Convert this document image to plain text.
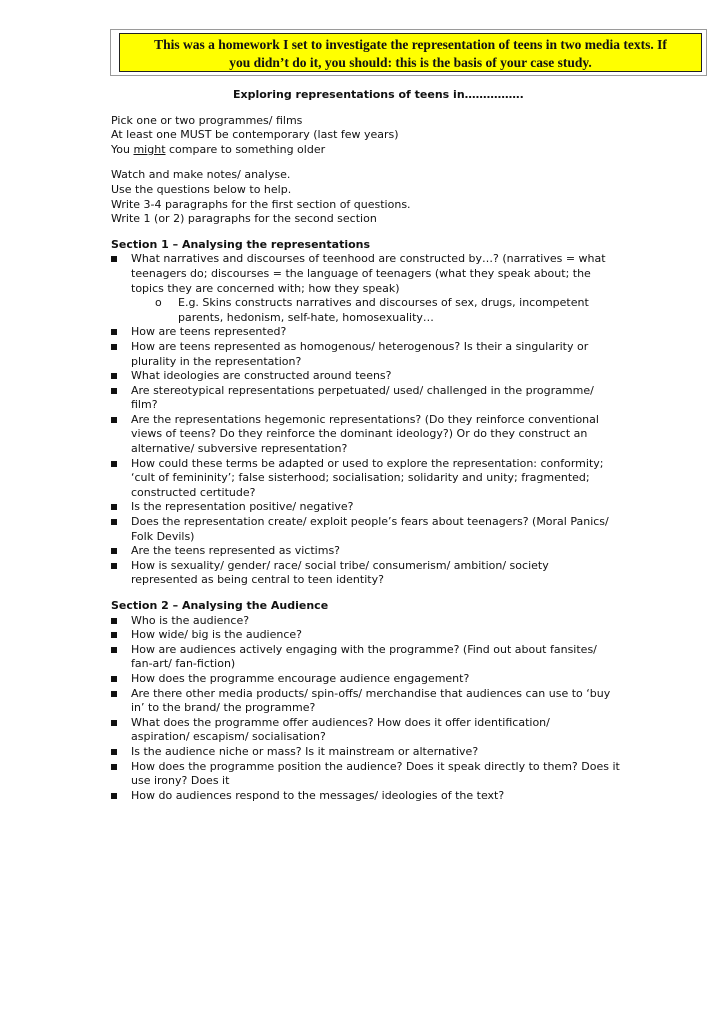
This was a homework I set to investigate the representation of teens in two media texts. If
you didn’t do it, you should: this is the basis of your case study.
Exploring representations of teens in…………….
Pick one or two programmes/ films
At least one MUST be contemporary (last few years)
You might compare to something older
Watch and make notes/ analyse.
Use the questions below to help.
Write 3-4 paragraphs for the first section of questions.
Write 1 (or 2) paragraphs for the second section
Section 1 – Analysing the representations
What narratives and discourses of teenhood are constructed by…? (narratives = what
teenagers do; discourses = the language of teenagers (what they speak about; the
topics they are concerned with; how they speak)
o E.g. Skins constructs narratives and discourses of sex, drugs, incompetent
parents, hedonism, self-hate, homosexuality…
How are teens represented?
How are teens represented as homogenous/ heterogenous? Is their a singularity or
plurality in the representation?
What ideologies are constructed around teens?
Are stereotypical representations perpetuated/ used/ challenged in the programme/
film?
Are the representations hegemonic representations? (Do they reinforce conventional
views of teens? Do they reinforce the dominant ideology?) Or do they construct an
alternative/ subversive representation?
How could these terms be adapted or used to explore the representation: conformity;
‘cult of femininity’; false sisterhood; socialisation; solidarity and unity; fragmented;
constructed certitude?
Is the representation positive/ negative?
Does the representation create/ exploit people’s fears about teenagers? (Moral Panics/
Folk Devils)
Are the teens represented as victims?
How is sexuality/ gender/ race/ social tribe/ consumerism/ ambition/ society
represented as being central to teen identity?
Section 2 – Analysing the Audience
Who is the audience?
How wide/ big is the audience?
How are audiences actively engaging with the programme? (Find out about fansites/
fan-art/ fan-fiction)
How does the programme encourage audience engagement?
Are there other media products/ spin-offs/ merchandise that audiences can use to ‘buy
in’ to the brand/ the programme?
What does the programme offer audiences? How does it offer identification/
aspiration/ escapism/ socialisation?
Is the audience niche or mass? Is it mainstream or alternative?
How does the programme position the audience? Does it speak directly to them? Does it
use irony? Does it
How do audiences respond to the messages/ ideologies of the text?
